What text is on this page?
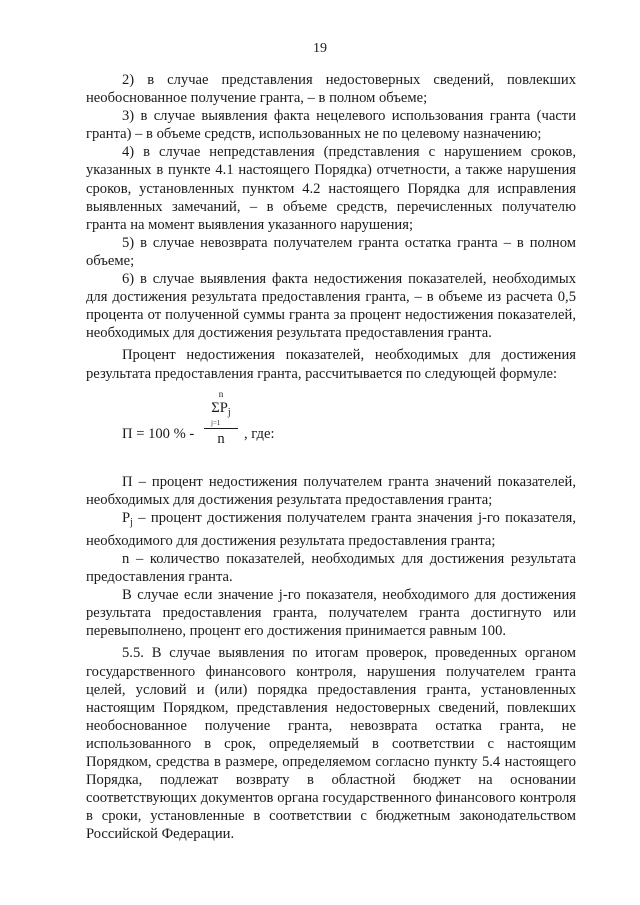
19

2) в случае представления недостоверных сведений, повлекших необоснованное получение гранта, – в полном объеме;

3) в случае выявления факта нецелевого использования гранта (части гранта) – в объеме средств, использованных не по целевому назначению;

4) в случае непредставления (представления с нарушением сроков, указанных в пункте 4.1 настоящего Порядка) отчетности, а также нарушения сроков, установленных пунктом 4.2 настоящего Порядка для исправления выявленных замечаний, – в объеме средств, перечисленных получателю гранта на момент выявления указанного нарушения;

5) в случае невозврата получателем гранта остатка гранта – в полном объеме;

6) в случае выявления факта недостижения показателей, необходимых для достижения результата предоставления гранта, – в объеме из расчета 0,5 процента от полученной суммы гранта за процент недостижения показателей, необходимых для достижения результата предоставления гранта.

Процент недостижения показателей, необходимых для достижения результата предоставления гранта, рассчитывается по следующей формуле:

П = 100 % -
n
$\Sigma P_j$
j=1
n	, где:

П – процент недостижения получателем гранта значений показателей, необходимых для достижения результата предоставления гранта;

$P_j$ – процент достижения получателем гранта значения j-го показателя, необходимого для достижения результата предоставления гранта;

n – количество показателей, необходимых для достижения результата предоставления гранта.

В случае если значение j-го показателя, необходимого для достижения результата предоставления гранта, получателем гранта достигнуто или перевыполнено, процент его достижения принимается равным 100.

5.5. В случае выявления по итогам проверок, проведенных органом государственного финансового контроля, нарушения получателем гранта целей, условий и (или) порядка предоставления гранта, установленных настоящим Порядком, представления недостоверных сведений, повлекших необоснованное получение гранта, невозврата остатка гранта, не использованного в срок, определяемый в соответствии с настоящим Порядком, средства в размере, определяемом согласно пункту 5.4 настоящего Порядка, подлежат возврату в областной бюджет на основании соответствующих документов органа государственного финансового контроля в сроки, установленные в соответствии с бюджетным законодательством Российской Федерации.
